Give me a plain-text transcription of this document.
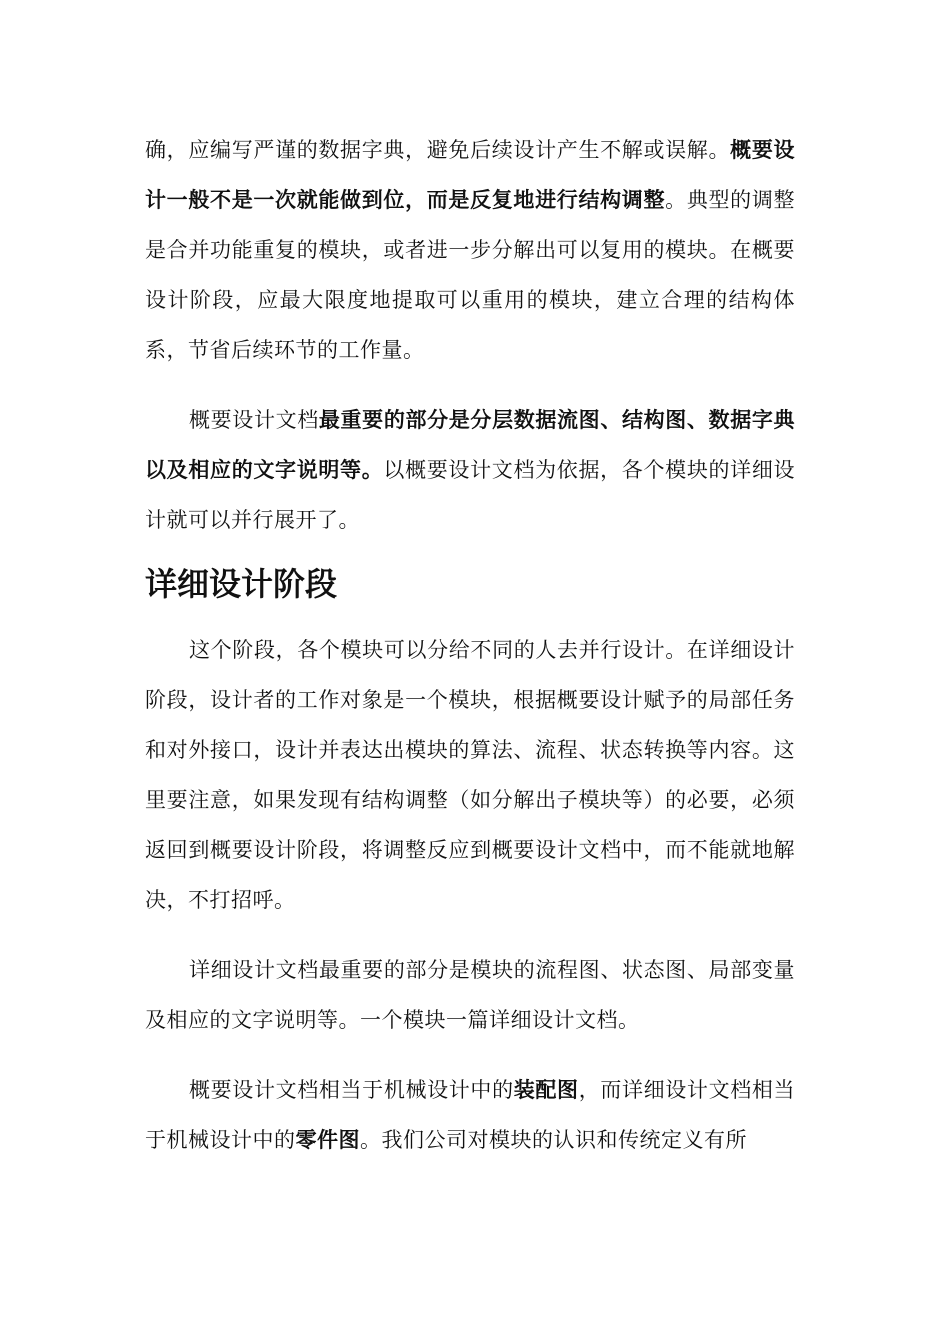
确，应编写严谨的数据字典，避免后续设计产生不解或误解。概要设计一般不是一次就能做到位，而是反复地进行结构调整。典型的调整是合并功能重复的模块，或者进一步分解出可以复用的模块。在概要设计阶段，应最大限度地提取可以重用的模块，建立合理的结构体系，节省后续环节的工作量。

概要设计文档最重要的部分是分层数据流图、结构图、数据字典以及相应的文字说明等。以概要设计文档为依据，各个模块的详细设计就可以并行展开了。

详细设计阶段

这个阶段，各个模块可以分给不同的人去并行设计。在详细设计阶段，设计者的工作对象是一个模块，根据概要设计赋予的局部任务和对外接口，设计并表达出模块的算法、流程、状态转换等内容。这里要注意，如果发现有结构调整（如分解出子模块等）的必要，必须返回到概要设计阶段，将调整反应到概要设计文档中，而不能就地解决，不打招呼。

详细设计文档最重要的部分是模块的流程图、状态图、局部变量及相应的文字说明等。一个模块一篇详细设计文档。

概要设计文档相当于机械设计中的装配图，而详细设计文档相当于机械设计中的零件图。我们公司对模块的认识和传统定义有所
